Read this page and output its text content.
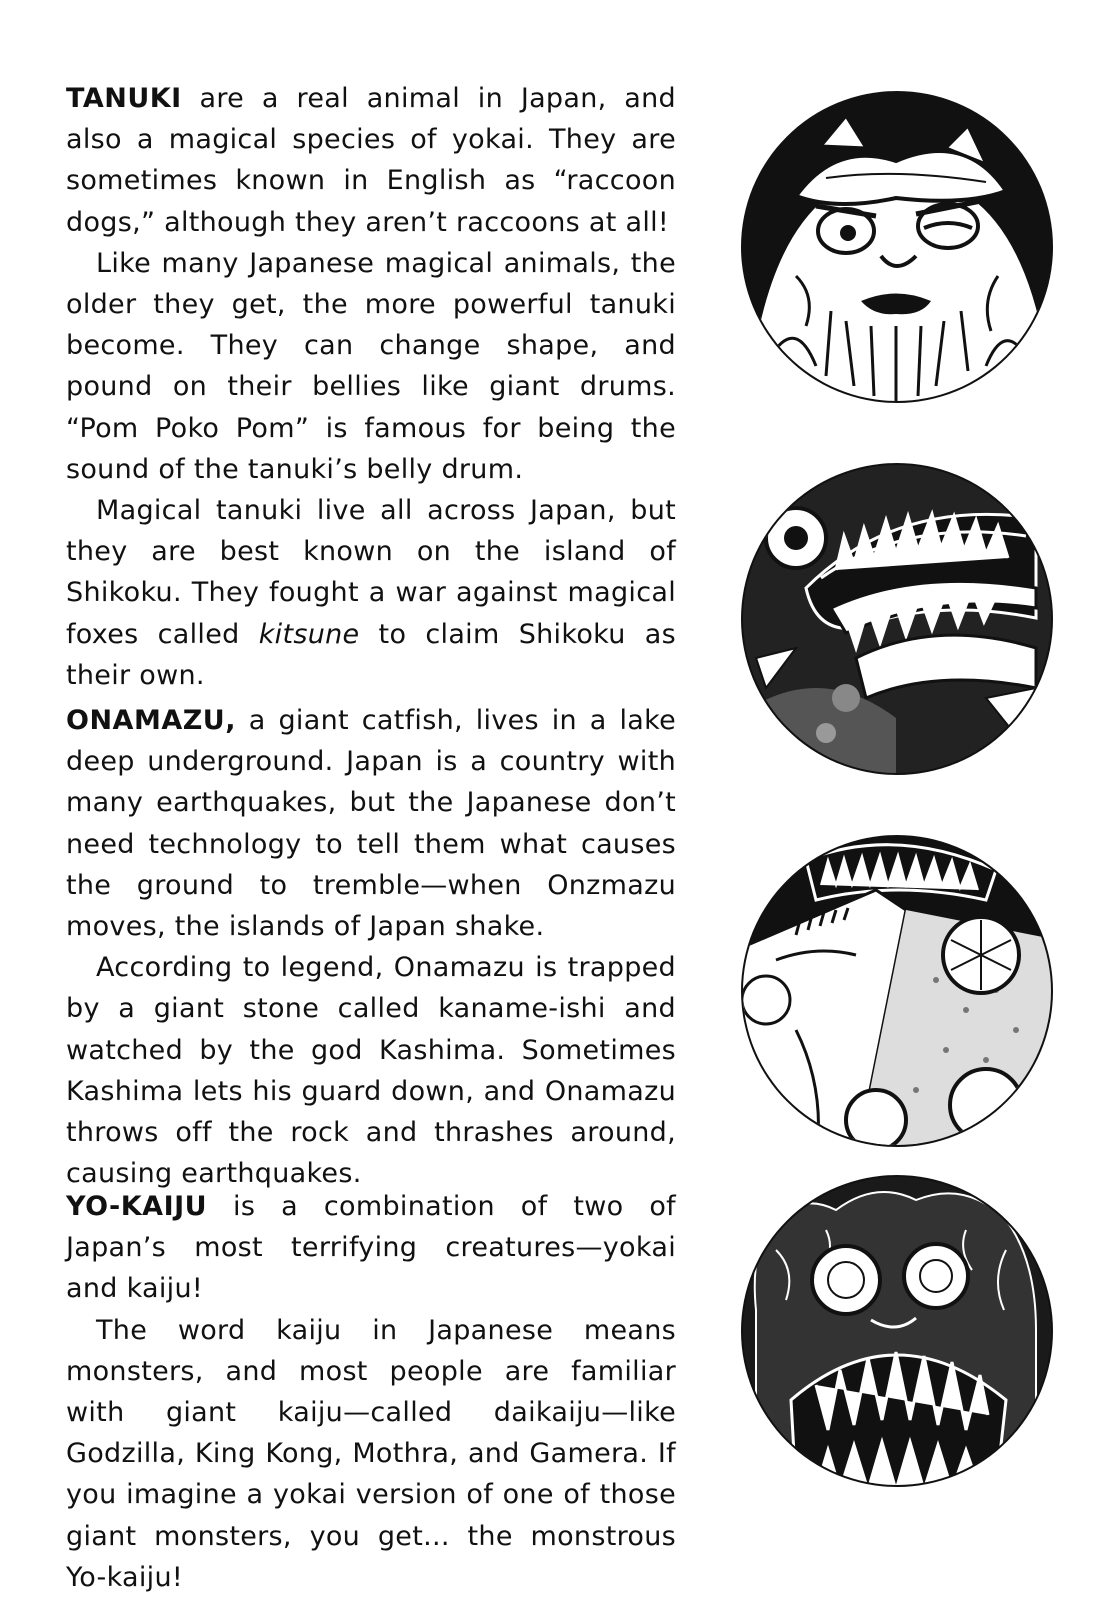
TANUKI are a real animal in Japan, and also a magical species of yokai. They are sometimes known in English as “raccoon dogs,” although they aren’t raccoons at all!

Like many Japanese magical animals, the older they get, the more powerful tanuki become. They can change shape, and pound on their bellies like giant drums. “Pom Poko Pom” is famous for being the sound of the tanuki’s belly drum.

Magical tanuki live all across Japan, but they are best known on the island of Shikoku. They fought a war against magical foxes called kitsune to claim Shikoku as their own.

ONAMAZU, a giant catfish, lives in a lake deep underground. Japan is a country with many earthquakes, but the Japanese don’t need technology to tell them what causes the ground to tremble—when Onzmazu moves, the islands of Japan shake.

According to legend, Onamazu is trapped by a giant stone called kaname-ishi and watched by the god Kashima. Sometimes Kashima lets his guard down, and Onamazu throws off the rock and thrashes around, causing earthquakes.

YO-KAIJU is a combination of two of Japan’s most terrifying creatures—yokai and kaiju!

The word kaiju in Japanese means monsters, and most people are familiar with giant kaiju—called daikaiju—like Godzilla, King Kong, Mothra, and Gamera. If you imagine a yokai version of one of those giant monsters, you get... the monstrous Yo-kaiju!
